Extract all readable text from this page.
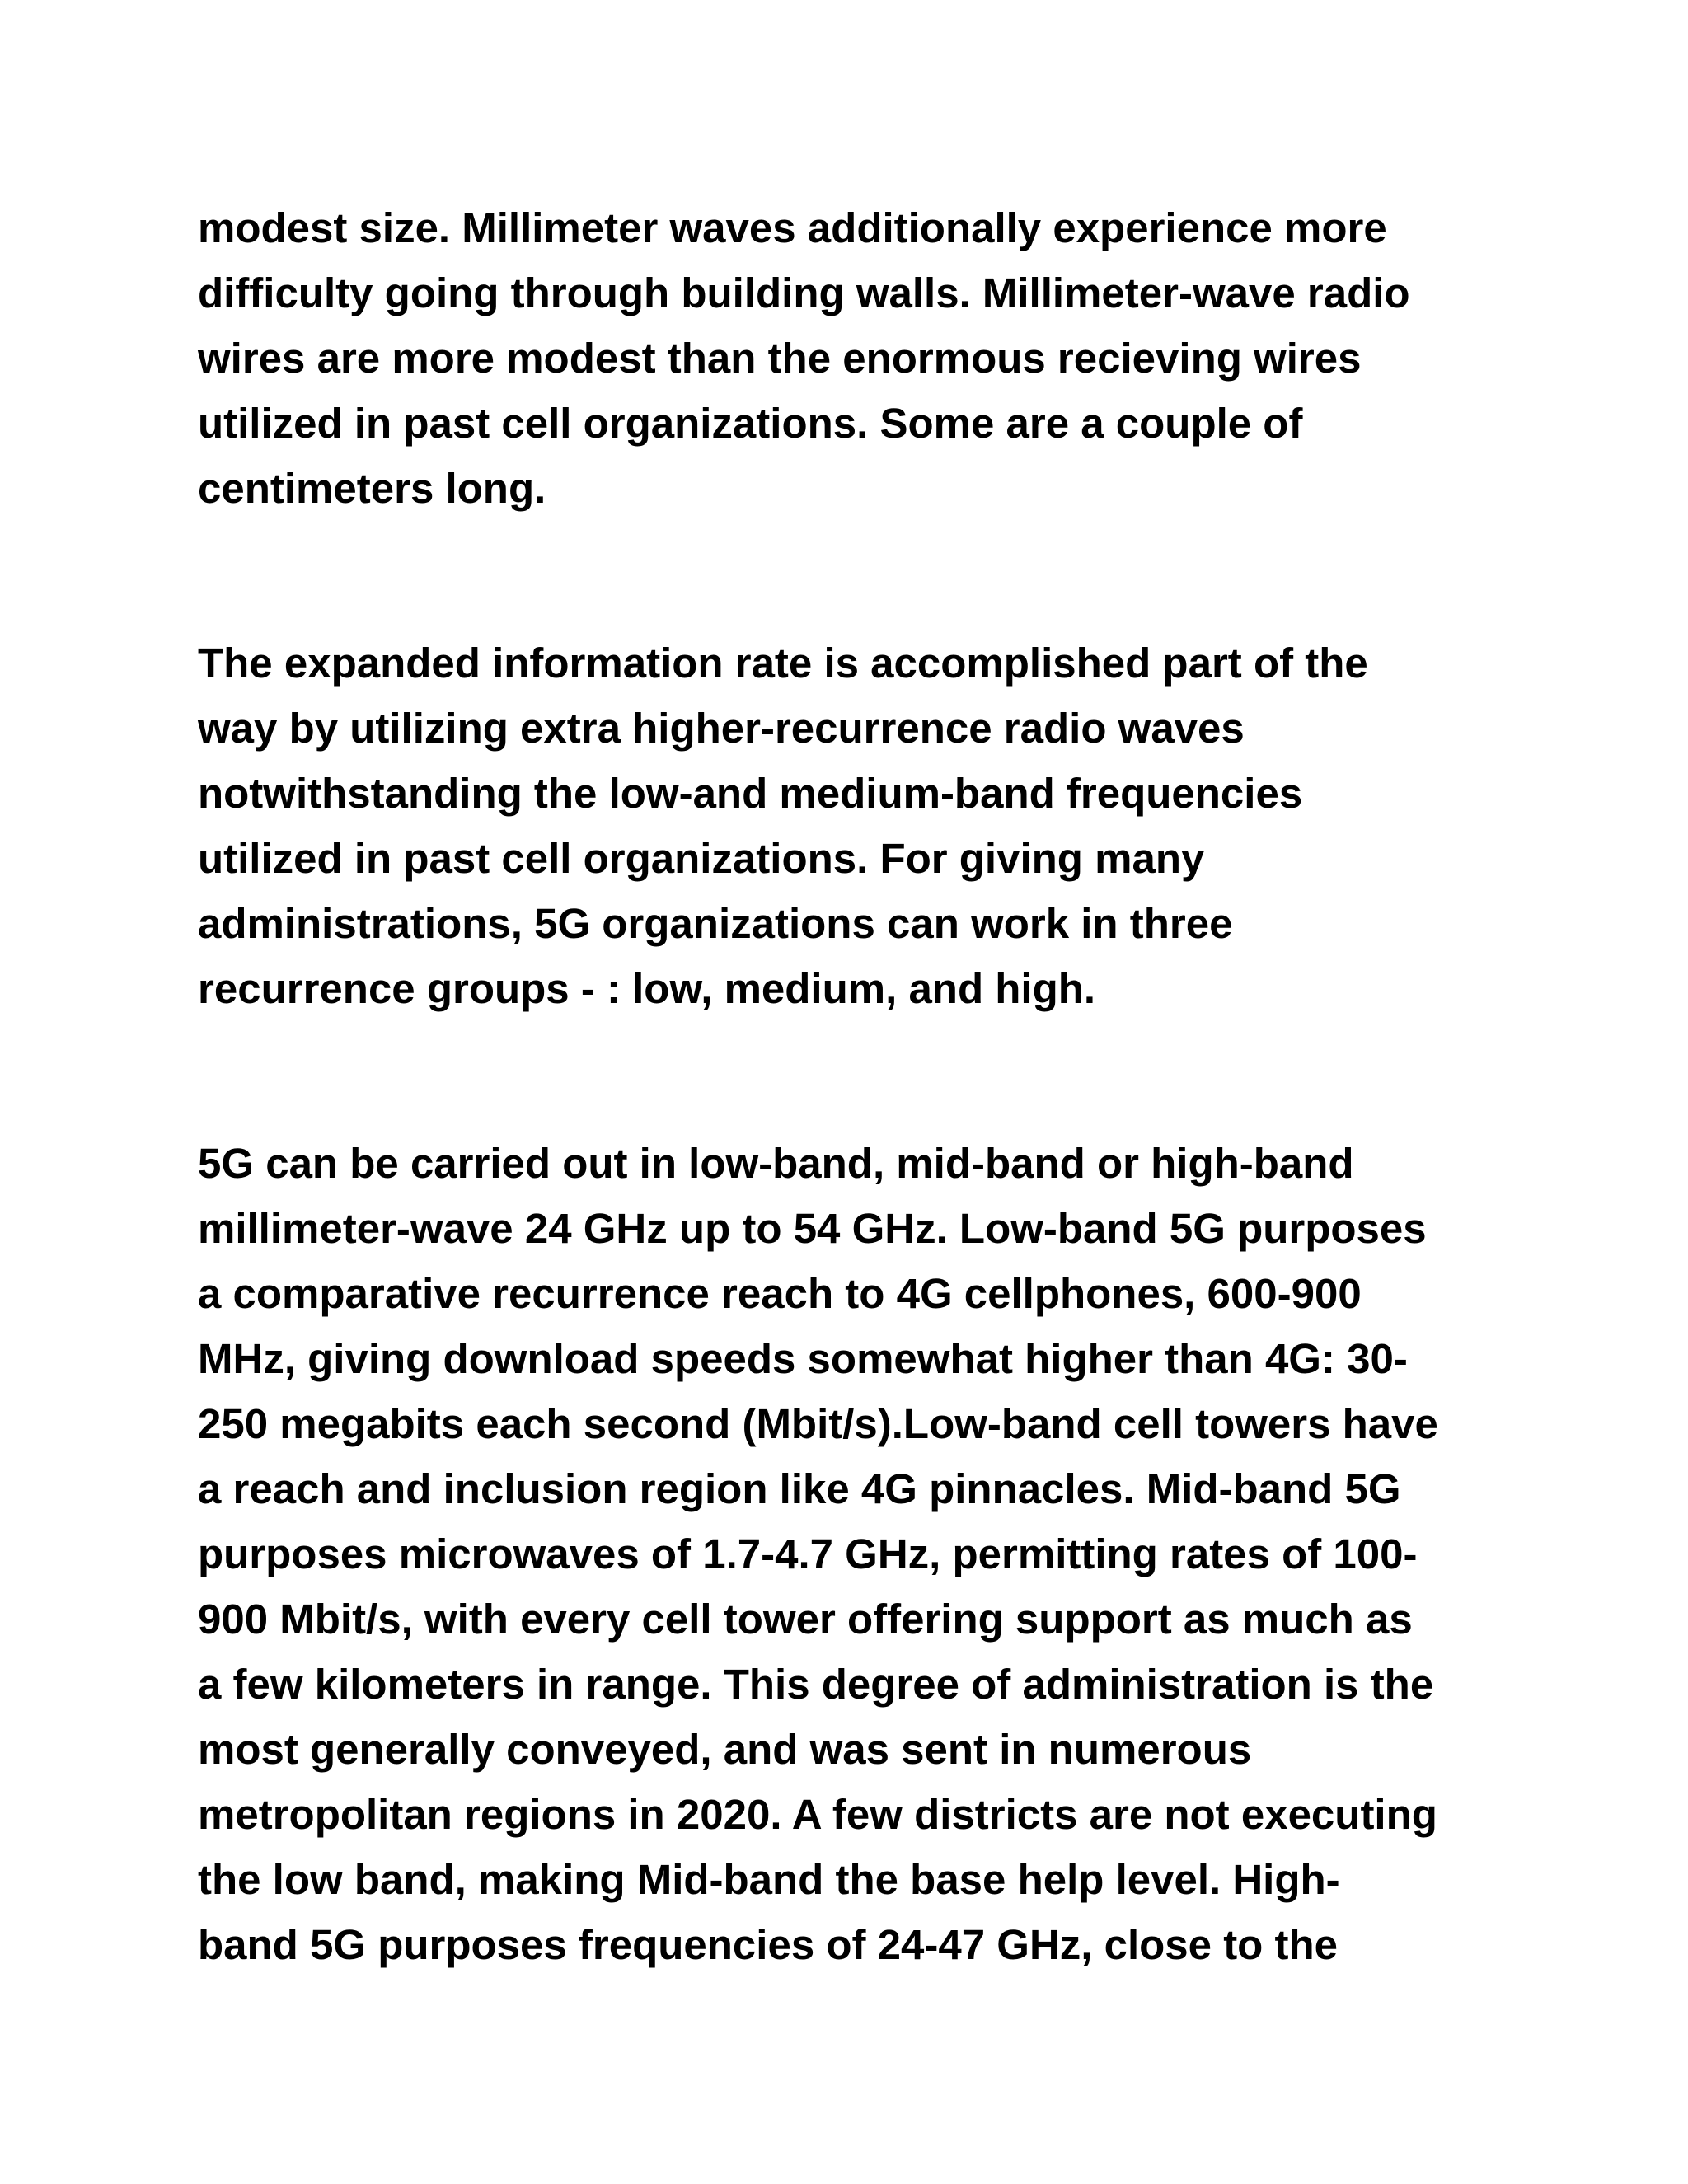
modest size. Millimeter waves additionally experience more
difficulty going through building walls. Millimeter-wave radio
wires are more modest than the enormous recieving wires
utilized in past cell organizations. Some are a couple of
centimeters long.

The expanded information rate is accomplished part of the
way by utilizing extra higher-recurrence radio waves
notwithstanding the low-and medium-band frequencies
utilized in past cell organizations. For giving many
administrations, 5G organizations can work in three
recurrence groups - : low, medium, and high.

5G can be carried out in low-band, mid-band or high-band
millimeter-wave 24 GHz up to 54 GHz. Low-band 5G purposes
a comparative recurrence reach to 4G cellphones, 600-900
MHz, giving download speeds somewhat higher than 4G: 30-
250 megabits each second (Mbit/s).Low-band cell towers have
a reach and inclusion region like 4G pinnacles. Mid-band 5G
purposes microwaves of 1.7-4.7 GHz, permitting rates of 100-
900 Mbit/s, with every cell tower offering support as much as
a few kilometers in range. This degree of administration is the
most generally conveyed, and was sent in numerous
metropolitan regions in 2020. A few districts are not executing
the low band, making Mid-band the base help level. High-
band 5G purposes frequencies of 24-47 GHz, close to the
